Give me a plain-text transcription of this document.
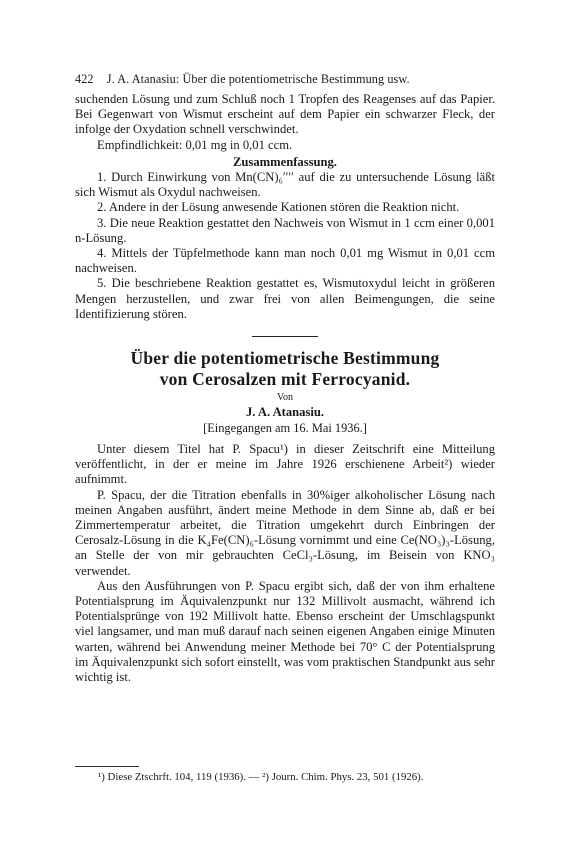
422 J. A. Atanasiu: Über die potentiometrische Bestimmung usw.

suchenden Lösung und zum Schluß noch 1 Tropfen des Reagenses auf das Papier. Bei Gegenwart von Wismut erscheint auf dem Papier ein schwarzer Fleck, der infolge der Oxydation schnell verschwindet.

Empfindlichkeit: 0,01 mg in 0,01 ccm.

Zusammenfassung.

1. Durch Einwirkung von Mn(CN)₆′′′′ auf die zu untersuchende Lösung läßt sich Wismut als Oxydul nachweisen.

2. Andere in der Lösung anwesende Kationen stören die Reaktion nicht.

3. Die neue Reaktion gestattet den Nachweis von Wismut in 1 ccm einer 0,001 n-Lösung.

4. Mittels der Tüpfelmethode kann man noch 0,01 mg Wismut in 0,01 ccm nachweisen.

5. Die beschriebene Reaktion gestattet es, Wismutoxydul leicht in größeren Mengen herzustellen, und zwar frei von allen Beimengungen, die seine Identifizierung stören.

Über die potentiometrische Bestimmung
von Cerosalzen mit Ferrocyanid.
Von
J. A. Atanasiu.
[Eingegangen am 16. Mai 1936.]

Unter diesem Titel hat P. Spacu¹) in dieser Zeitschrift eine Mitteilung veröffentlicht, in der er meine im Jahre 1926 erschienene Arbeit²) wieder aufnimmt.

P. Spacu, der die Titration ebenfalls in 30%iger alkoholischer Lösung nach meinen Angaben ausführt, ändert meine Methode in dem Sinne ab, daß er bei Zimmertemperatur arbeitet, die Titration umgekehrt durch Einbringen der Cerosalz-Lösung in die K₄Fe(CN)₆-Lösung vornimmt und eine Ce(NO₃)₃-Lösung, an Stelle der von mir gebrauchten CeCl₃-Lösung, im Beisein von KNO₃ verwendet.

Aus den Ausführungen von P. Spacu ergibt sich, daß der von ihm erhaltene Potentialsprung im Äquivalenzpunkt nur 132 Millivolt ausmacht, während ich Potentialsprünge von 192 Millivolt hatte. Ebenso erscheint der Umschlagspunkt viel langsamer, und man muß darauf nach seinen eigenen Angaben einige Minuten warten, während bei Anwendung meiner Methode bei 70° C der Potentialsprung im Äquivalenzpunkt sich sofort einstellt, was vom praktischen Standpunkt aus sehr wichtig ist.

¹) Diese Ztschrft. 104, 119 (1936). — ²) Journ. Chim. Phys. 23, 501 (1926).
